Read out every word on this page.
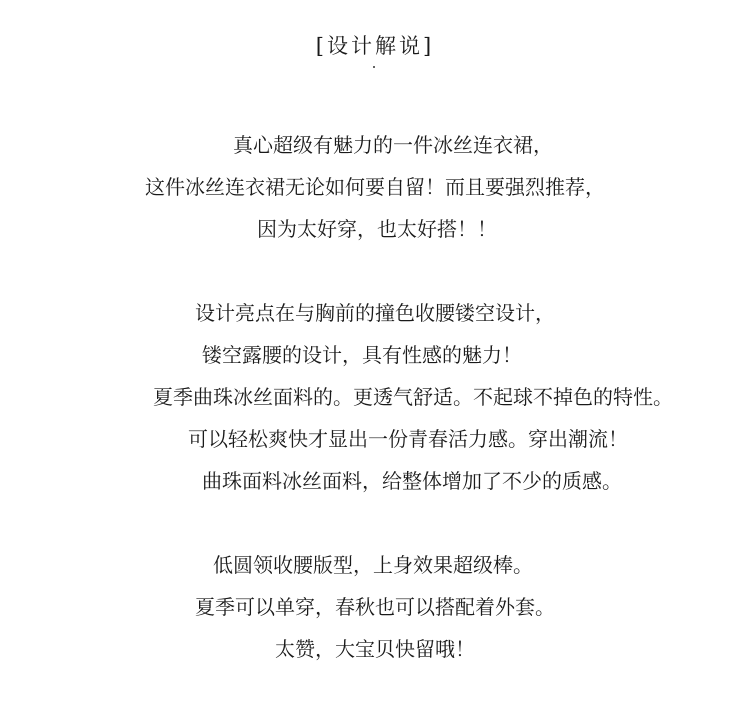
[设计解说]
真心超级有魅力的一件冰丝连衣裙，
这件冰丝连衣裙无论如何要自留！而且要强烈推荐，
因为太好穿，也太好搭！！
设计亮点在与胸前的撞色收腰镂空设计，
镂空露腰的设计，具有性感的魅力！
夏季曲珠冰丝面料的。更透气舒适。不起球不掉色的特性。
可以轻松爽快才显出一份青春活力感。穿出潮流！
曲珠面料冰丝面料，给整体增加了不少的质感。
低圆领收腰版型，上身效果超级棒。
夏季可以单穿，春秋也可以搭配着外套。
太赞，大宝贝快留哦！
